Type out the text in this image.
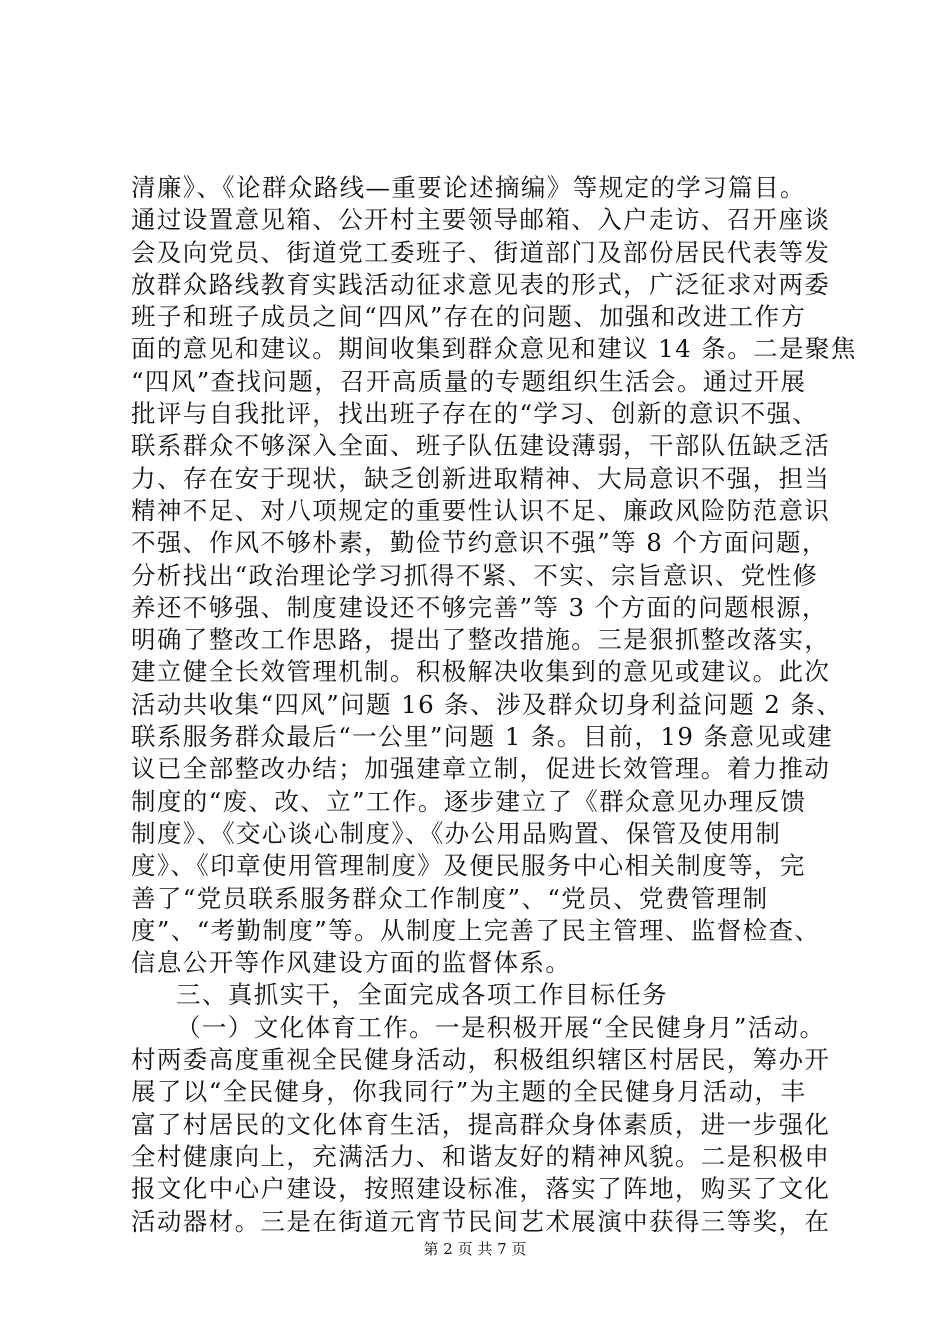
清廉》、《论群众路线—重要论述摘编》等规定的学习篇目。
通过设置意见箱、公开村主要领导邮箱、入户走访、召开座谈
会及向党员、街道党工委班子、街道部门及部份居民代表等发
放群众路线教育实践活动征求意见表的形式，广泛征求对两委
班子和班子成员之间“四风”存在的问题、加强和改进工作方
面的意见和建议。期间收集到群众意见和建议 14 条。二是聚焦
“四风”查找问题，召开高质量的专题组织生活会。通过开展
批评与自我批评，找出班子存在的“学习、创新的意识不强、
联系群众不够深入全面、班子队伍建设薄弱，干部队伍缺乏活
力、存在安于现状，缺乏创新进取精神、大局意识不强，担当
精神不足、对八项规定的重要性认识不足、廉政风险防范意识
不强、作风不够朴素，勤俭节约意识不强”等 8 个方面问题，
分析找出“政治理论学习抓得不紧、不实、宗旨意识、党性修
养还不够强、制度建设还不够完善”等 3 个方面的问题根源，
明确了整改工作思路，提出了整改措施。三是狠抓整改落实，
建立健全长效管理机制。积极解决收集到的意见或建议。此次
活动共收集“四风”问题 16 条、涉及群众切身利益问题 2 条、
联系服务群众最后“一公里”问题 1 条。目前，19 条意见或建
议已全部整改办结；加强建章立制，促进长效管理。着力推动
制度的“废、改、立”工作。逐步建立了《群众意见办理反馈
制度》、《交心谈心制度》、《办公用品购置、保管及使用制
度》、《印章使用管理制度》及便民服务中心相关制度等，完
善了“党员联系服务群众工作制度”、“党员、党费管理制
度”、“考勤制度”等。从制度上完善了民主管理、监督检查、
信息公开等作风建设方面的监督体系。
三、真抓实干，全面完成各项工作目标任务
（一）文化体育工作。一是积极开展“全民健身月”活动。
村两委高度重视全民健身活动，积极组织辖区村居民，筹办开
展了以“全民健身，你我同行”为主题的全民健身月活动，丰
富了村居民的文化体育生活，提高群众身体素质，进一步强化
全村健康向上，充满活力、和谐友好的精神风貌。二是积极申
报文化中心户建设，按照建设标准，落实了阵地，购买了文化
活动器材。三是在街道元宵节民间艺术展演中获得三等奖，在
第 2 页 共 7 页
